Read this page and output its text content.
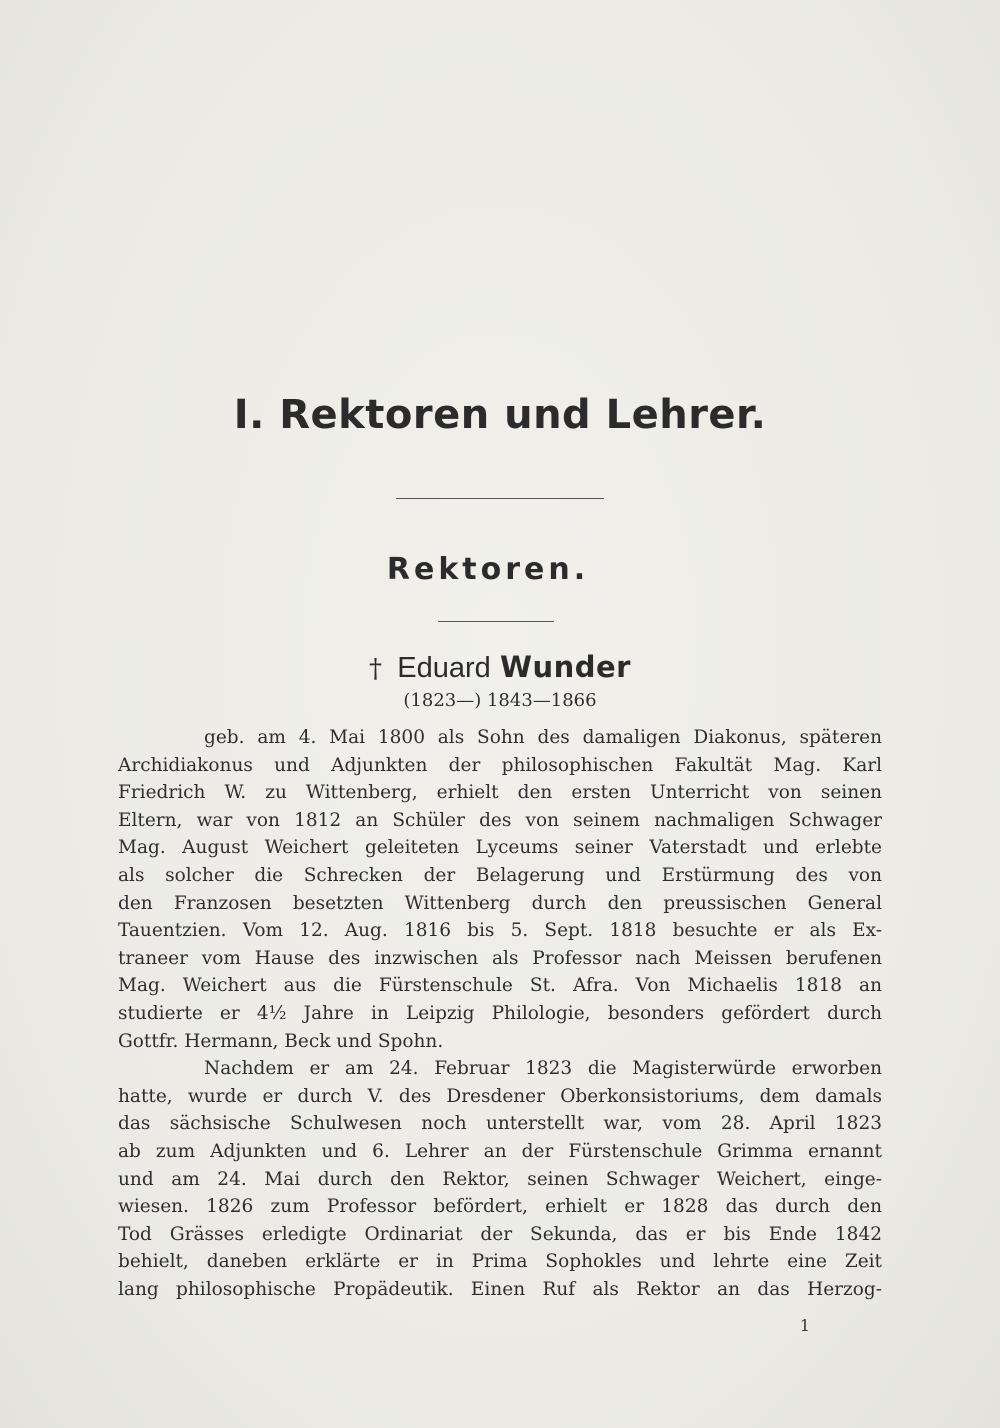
I. Rektoren und Lehrer.
Rektoren.
† Eduard Wunder
(1823—) 1843—1866
geb. am 4. Mai 1800 als Sohn des damaligen Diakonus, späteren
Archidiakonus und Adjunkten der philosophischen Fakultät Mag. Karl
Friedrich W. zu Wittenberg, erhielt den ersten Unterricht von seinen
Eltern, war von 1812 an Schüler des von seinem nachmaligen Schwager
Mag. August Weichert geleiteten Lyceums seiner Vaterstadt und erlebte
als solcher die Schrecken der Belagerung und Erstürmung des von
den Franzosen besetzten Wittenberg durch den preussischen General
Tauentzien. Vom 12. Aug. 1816 bis 5. Sept. 1818 besuchte er als Ex-
traneer vom Hause des inzwischen als Professor nach Meissen berufenen
Mag. Weichert aus die Fürstenschule St. Afra. Von Michaelis 1818 an
studierte er 4½ Jahre in Leipzig Philologie, besonders gefördert durch
Gottfr. Hermann, Beck und Spohn.
Nachdem er am 24. Februar 1823 die Magisterwürde erworben
hatte, wurde er durch V. des Dresdener Oberkonsistoriums, dem damals
das sächsische Schulwesen noch unterstellt war, vom 28. April 1823
ab zum Adjunkten und 6. Lehrer an der Fürstenschule Grimma ernannt
und am 24. Mai durch den Rektor, seinen Schwager Weichert, einge-
wiesen. 1826 zum Professor befördert, erhielt er 1828 das durch den
Tod Grässes erledigte Ordinariat der Sekunda, das er bis Ende 1842
behielt, daneben erklärte er in Prima Sophokles und lehrte eine Zeit
lang philosophische Propädeutik. Einen Ruf als Rektor an das Herzog-
1
